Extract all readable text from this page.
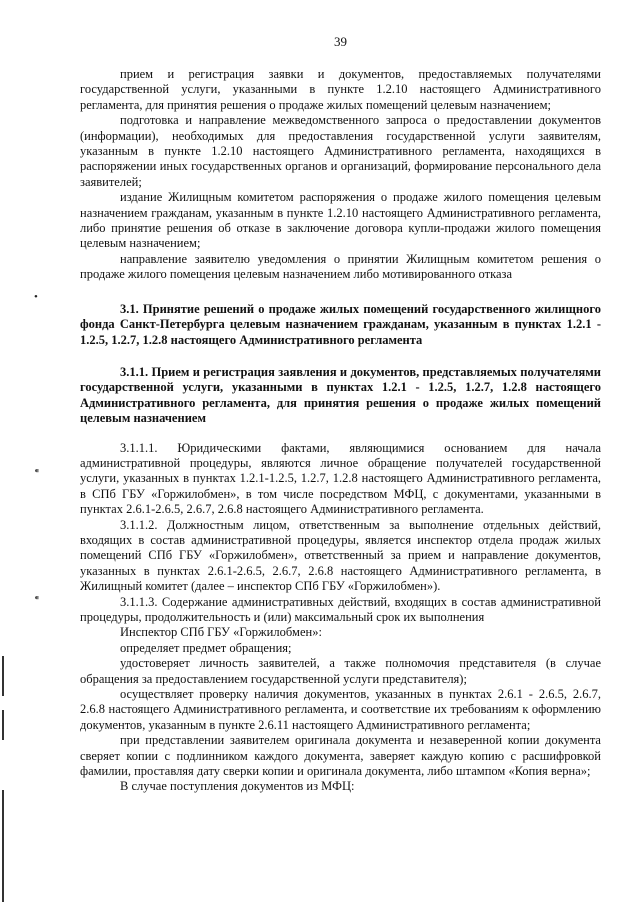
39

прием и регистрация заявки и документов, предоставляемых получателями государственной услуги, указанными в пункте 1.2.10 настоящего Административного регламента, для принятия решения о продаже жилых помещений целевым назначением;

подготовка и направление межведомственного запроса о предоставлении документов (информации), необходимых для предоставления государственной услуги заявителям, указанным в пункте 1.2.10 настоящего Административного регламента, находящихся в распоряжении иных государственных органов и организаций, формирование персонального дела заявителей;

издание Жилищным комитетом распоряжения о продаже жилого помещения целевым назначением гражданам, указанным в пункте 1.2.10 настоящего Административного регламента, либо принятие решения об отказе в заключение договора купли-продажи жилого помещения целевым назначением;

направление заявителю уведомления о принятии Жилищным комитетом решения о продаже жилого помещения целевым назначением либо мотивированного отказа

3.1. Принятие решений о продаже жилых помещений государственного жилищного фонда Санкт-Петербурга целевым назначением гражданам, указанным в пунктах 1.2.1 - 1.2.5, 1.2.7, 1.2.8 настоящего Административного регламента

3.1.1. Прием и регистрация заявления и документов, представляемых получателями государственной услуги, указанными в пунктах 1.2.1 - 1.2.5, 1.2.7, 1.2.8 настоящего Административного регламента, для принятия решения о продаже жилых помещений целевым назначением

3.1.1.1. Юридическими фактами, являющимися основанием для начала административной процедуры, являются личное обращение получателей государственной услуги, указанных в пунктах 1.2.1-1.2.5, 1.2.7, 1.2.8 настоящего Административного регламента, в СПб ГБУ «Горжилобмен», в том числе посредством МФЦ, с документами, указанными в пунктах 2.6.1-2.6.5, 2.6.7, 2.6.8 настоящего Административного регламента.

3.1.1.2. Должностным лицом, ответственным за выполнение отдельных действий, входящих в состав административной процедуры, является инспектор отдела продаж жилых помещений СПб ГБУ «Горжилобмен», ответственный за прием и направление документов, указанных в пунктах 2.6.1-2.6.5, 2.6.7, 2.6.8 настоящего Административного регламента, в Жилищный комитет (далее – инспектор СПб ГБУ «Горжилобмен»).

3.1.1.3. Содержание административных действий, входящих в состав административной процедуры, продолжительность и (или) максимальный срок их выполнения

Инспектор СПб ГБУ «Горжилобмен»:

определяет предмет обращения;

удостоверяет личность заявителей, а также полномочия представителя (в случае обращения за предоставлением государственной услуги представителя);

осуществляет проверку наличия документов, указанных в пунктах 2.6.1 - 2.6.5, 2.6.7, 2.6.8 настоящего Административного регламента, и соответствие их требованиям к оформлению документов, указанным в пункте 2.6.11 настоящего Административного регламента;

при представлении заявителем оригинала документа и незаверенной копии документа сверяет копии с подлинником каждого документа, заверяет каждую копию с расшифровкой фамилии, проставляя дату сверки копии и оригинала документа, либо штампом «Копия верна»;

В случае поступления документов из МФЦ:

•
⁌
⁌
